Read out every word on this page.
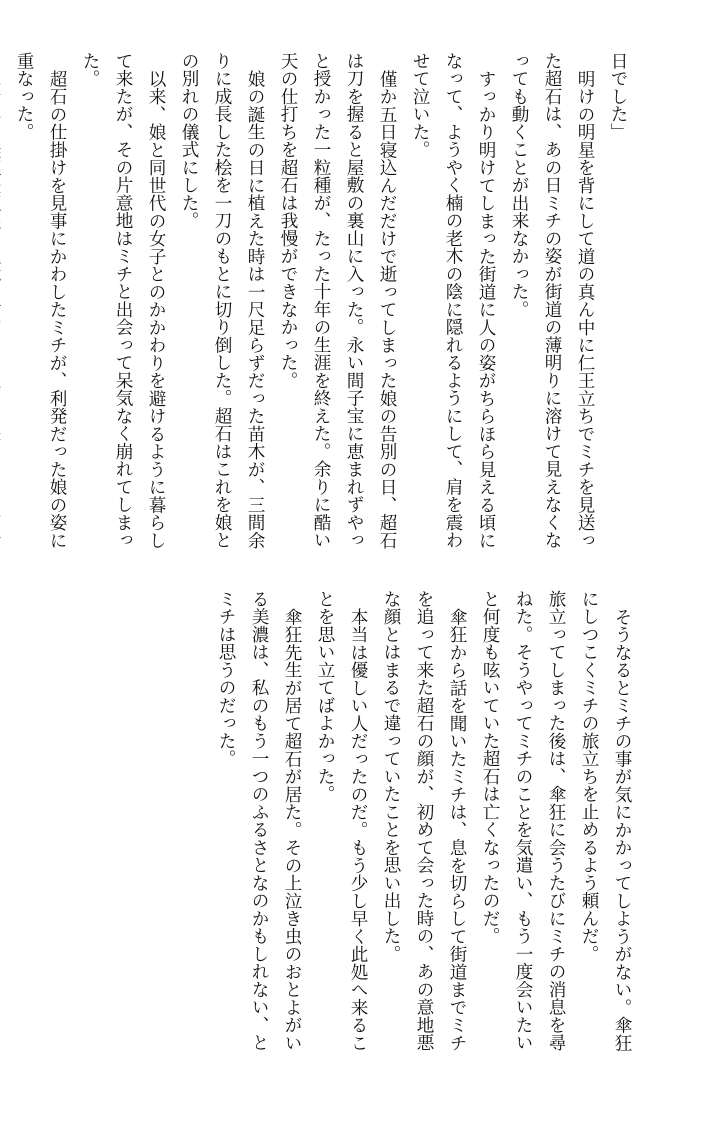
日でした」

明けの明星を背にして道の真ん中に仁王立ちでミチを見送った超石は、あの日ミチの姿が街道の薄明りに溶けて見えなくなっても動くことが出来なかった。

すっかり明けてしまった街道に人の姿がちらほら見える頃になって、ようやく楠の老木の陰に隠れるようにして、肩を震わせて泣いた。

僅か五日寝込んだだけで逝ってしまった娘の告別の日、超石は刀を握ると屋敷の裏山に入った。永い間子宝に恵まれずやっと授かった一粒種が、たった十年の生涯を終えた。余りに酷い天の仕打ちを超石は我慢ができなかった。

娘の誕生の日に植えた時は一尺足らずだった苗木が、三間余りに成長した桧を一刀のもとに切り倒した。超石はこれを娘との別れの儀式にした。

以来、娘と同世代の女子とのかかわりを避けるように暮らして来たが、その片意地はミチと出会って呆気なく崩れてしまった。

超石の仕掛けを見事にかわしたミチが、利発だった娘の姿に重なった。

そうなるとミチの事が気にかかってしようがない。傘狂にしつこくミチの旅立ちを止めるよう頼んだ。

旅立ってしまった後は、傘狂に会うたびにミチの消息を尋ねた。そうやってミチのことを気遣い、もう一度会いたいと何度も呟いていた超石は亡くなったのだ。

傘狂から話を聞いたミチは、息を切らして街道までミチを追って来た超石の顔が、初めて会った時の、あの意地悪な顔とはまるで違っていたことを思い出した。

本当は優しい人だったのだ。もう少し早く此処へ来ることを思い立てばよかった。

傘狂先生が居て超石が居た。その上泣き虫のおとよがいる美濃は、私のもう一つのふるさとなのかもしれない、とミチは思うのだった。
